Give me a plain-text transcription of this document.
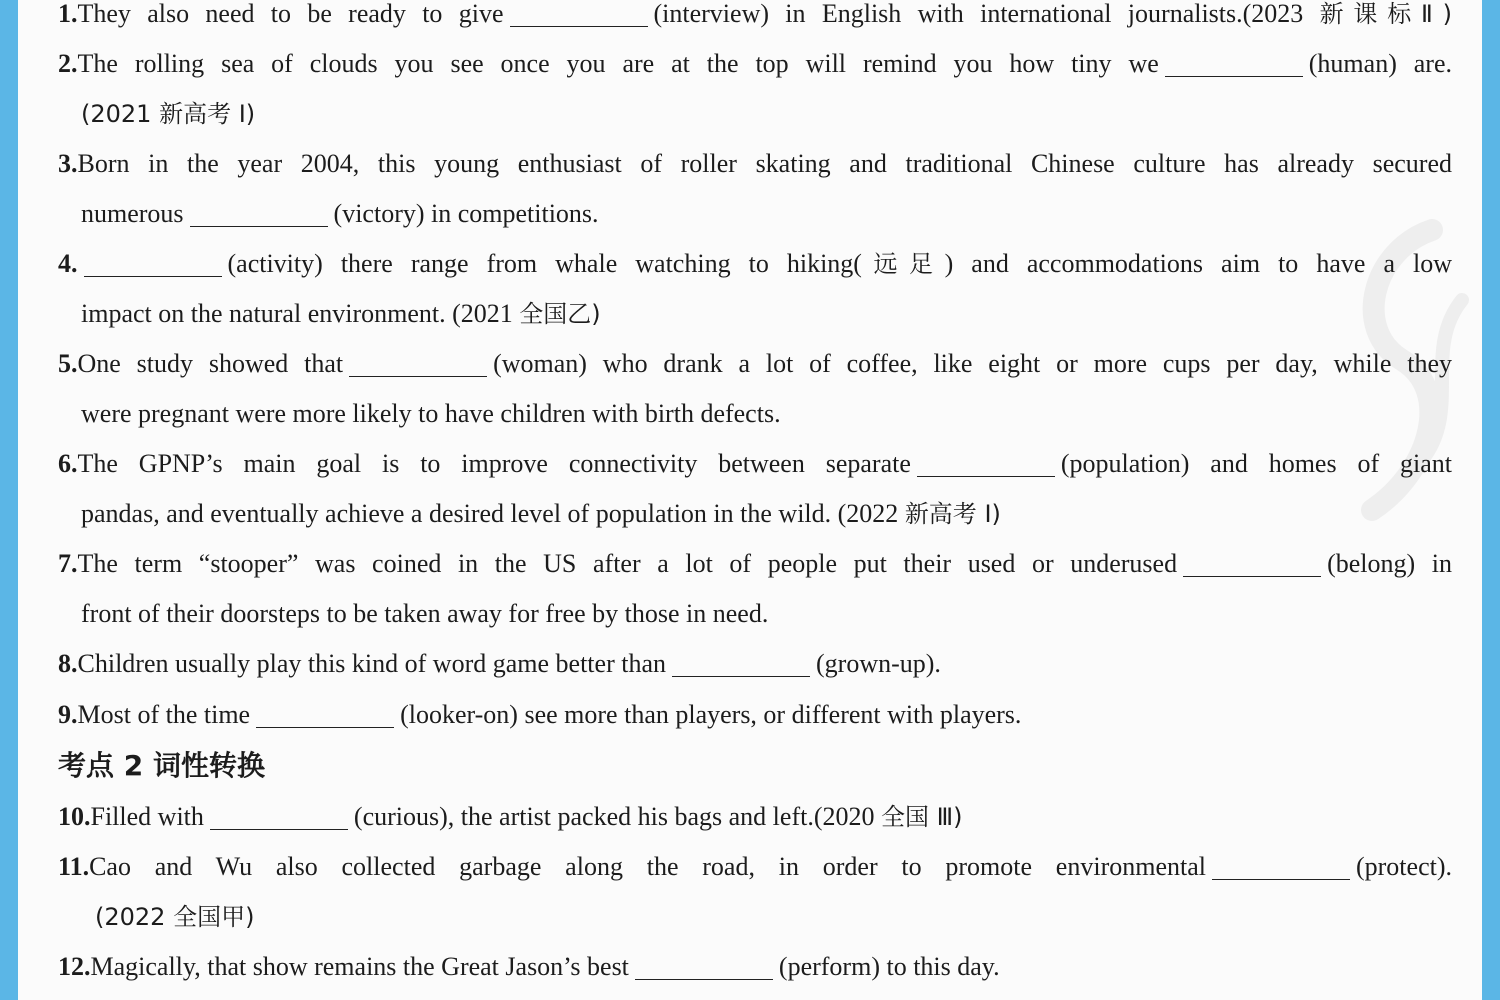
1.They also need to be ready to give	(interview) in English with international journalists.(2023 新课标Ⅱ)
2.The rolling sea of clouds you see once you are at the top will remind you how tiny we	(human) are.
(2021 新高考 Ⅰ)
3.Born in the year 2004, this young enthusiast of roller skating and traditional Chinese culture has already secured
numerous	(victory) in competitions.
4.	(activity) there range from whale watching to hiking(远足) and accommodations aim to have a low
impact on the natural environment. (2021 全国乙)
5.One study showed that	(woman) who drank a lot of coffee, like eight or more cups per day, while they
were pregnant were more likely to have children with birth defects.
6.The GPNP’s main goal is to improve connectivity between separate	(population) and homes of giant
pandas, and eventually achieve a desired level of population in the wild. (2022 新高考 Ⅰ)
7.The term “stooper” was coined in the US after a lot of people put their used or underused	(belong) in
front of their doorsteps to be taken away for free by those in need.
8.Children usually play this kind of word game better than	(grown-up).
9.Most of the time	(looker-on) see more than players, or different with players.
考点 2 词性转换
10.Filled with	(curious), the artist packed his bags and left.(2020 全国 Ⅲ)
11.Cao and Wu also collected garbage along the road, in order to promote environmental	(protect).
(2022 全国甲)
12.Magically, that show remains the Great Jason’s best	(perform) to this day.
